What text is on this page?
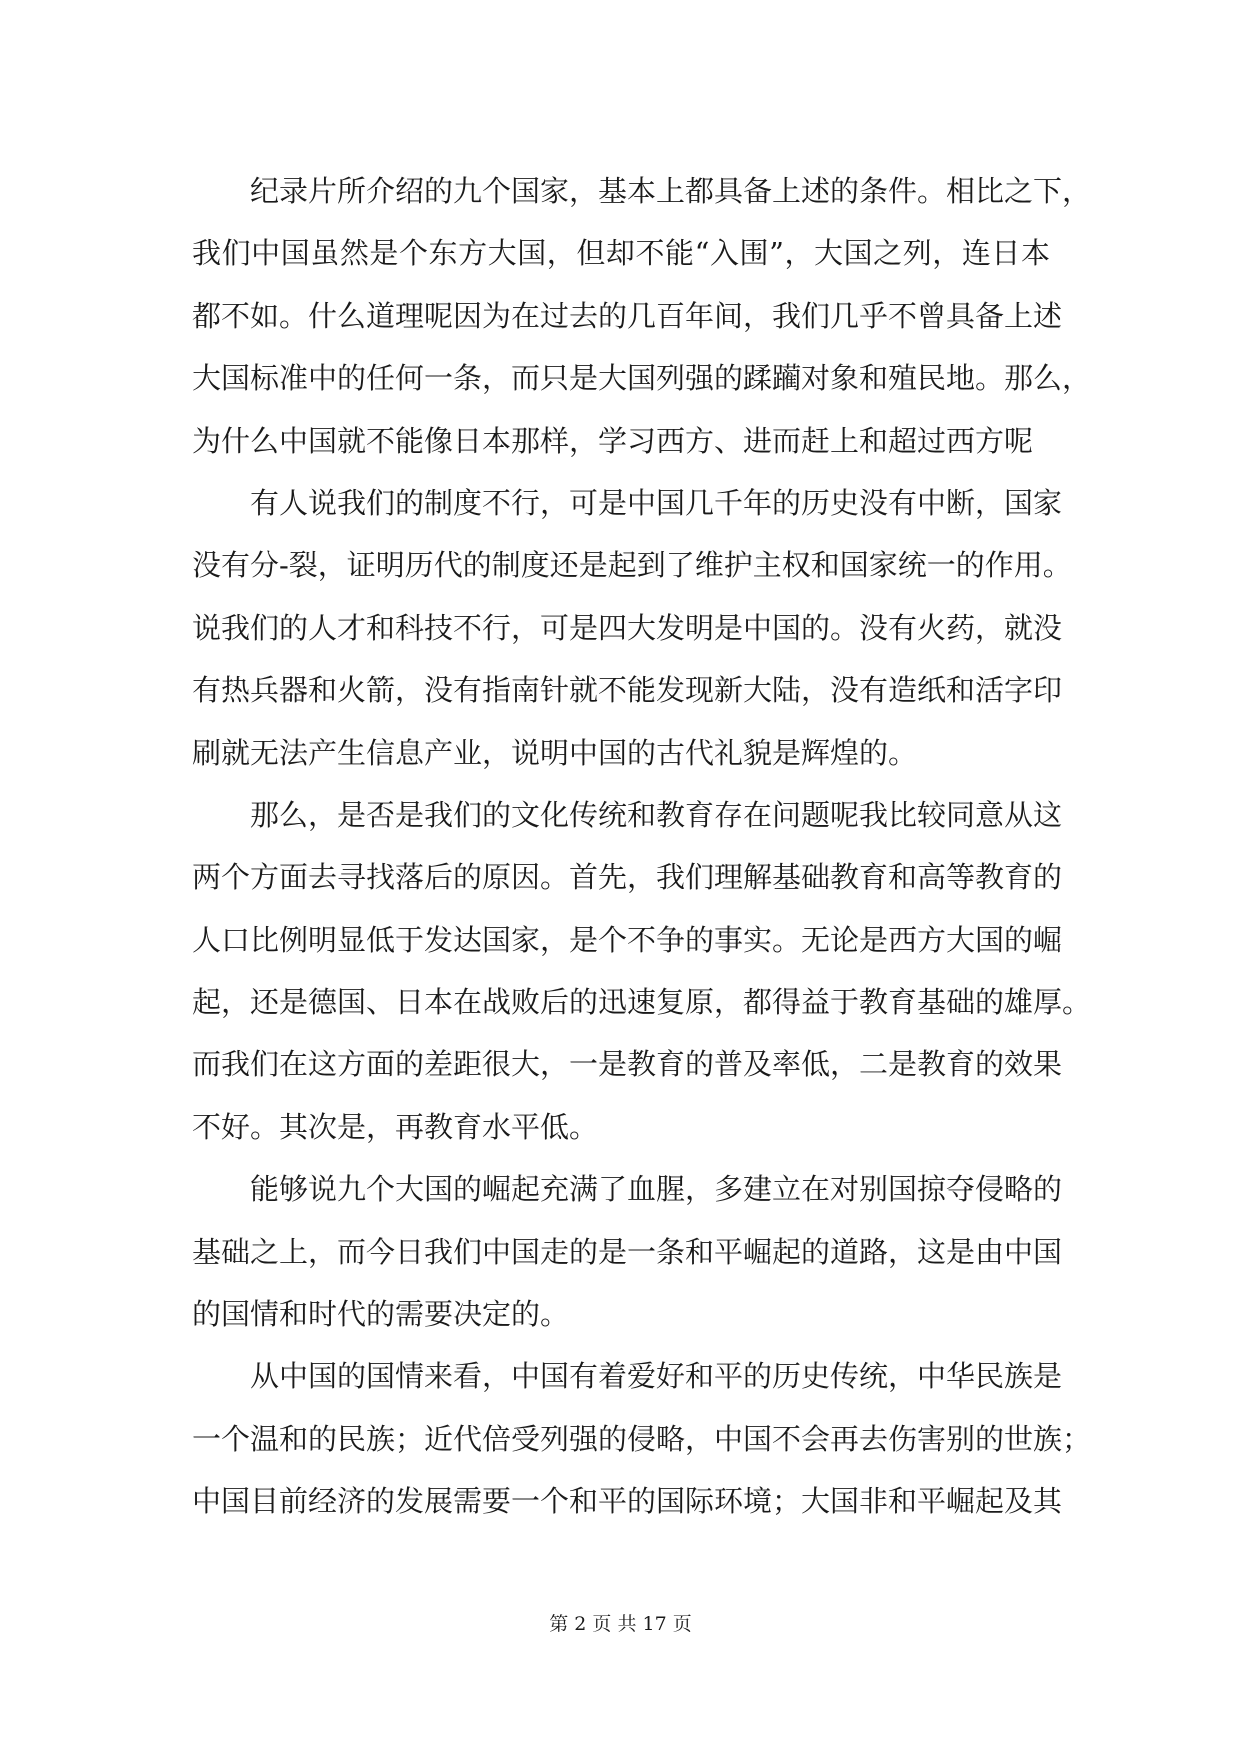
纪录片所介绍的九个国家，基本上都具备上述的条件。相比之下，
我们中国虽然是个东方大国，但却不能“入围”，大国之列，连日本
都不如。什么道理呢因为在过去的几百年间，我们几乎不曾具备上述
大国标准中的任何一条，而只是大国列强的蹂躏对象和殖民地。那么，
为什么中国就不能像日本那样，学习西方、进而赶上和超过西方呢
有人说我们的制度不行，可是中国几千年的历史没有中断，国家
没有分-裂，证明历代的制度还是起到了维护主权和国家统一的作用。
说我们的人才和科技不行，可是四大发明是中国的。没有火药，就没
有热兵器和火箭，没有指南针就不能发现新大陆，没有造纸和活字印
刷就无法产生信息产业，说明中国的古代礼貌是辉煌的。
那么，是否是我们的文化传统和教育存在问题呢我比较同意从这
两个方面去寻找落后的原因。首先，我们理解基础教育和高等教育的
人口比例明显低于发达国家，是个不争的事实。无论是西方大国的崛
起，还是德国、日本在战败后的迅速复原，都得益于教育基础的雄厚。
而我们在这方面的差距很大，一是教育的普及率低，二是教育的效果
不好。其次是，再教育水平低。
能够说九个大国的崛起充满了血腥，多建立在对别国掠夺侵略的
基础之上，而今日我们中国走的是一条和平崛起的道路，这是由中国
的国情和时代的需要决定的。
从中国的国情来看，中国有着爱好和平的历史传统，中华民族是
一个温和的民族；近代倍受列强的侵略，中国不会再去伤害别的世族；
中国目前经济的发展需要一个和平的国际环境；大国非和平崛起及其
第 2 页 共 17 页
